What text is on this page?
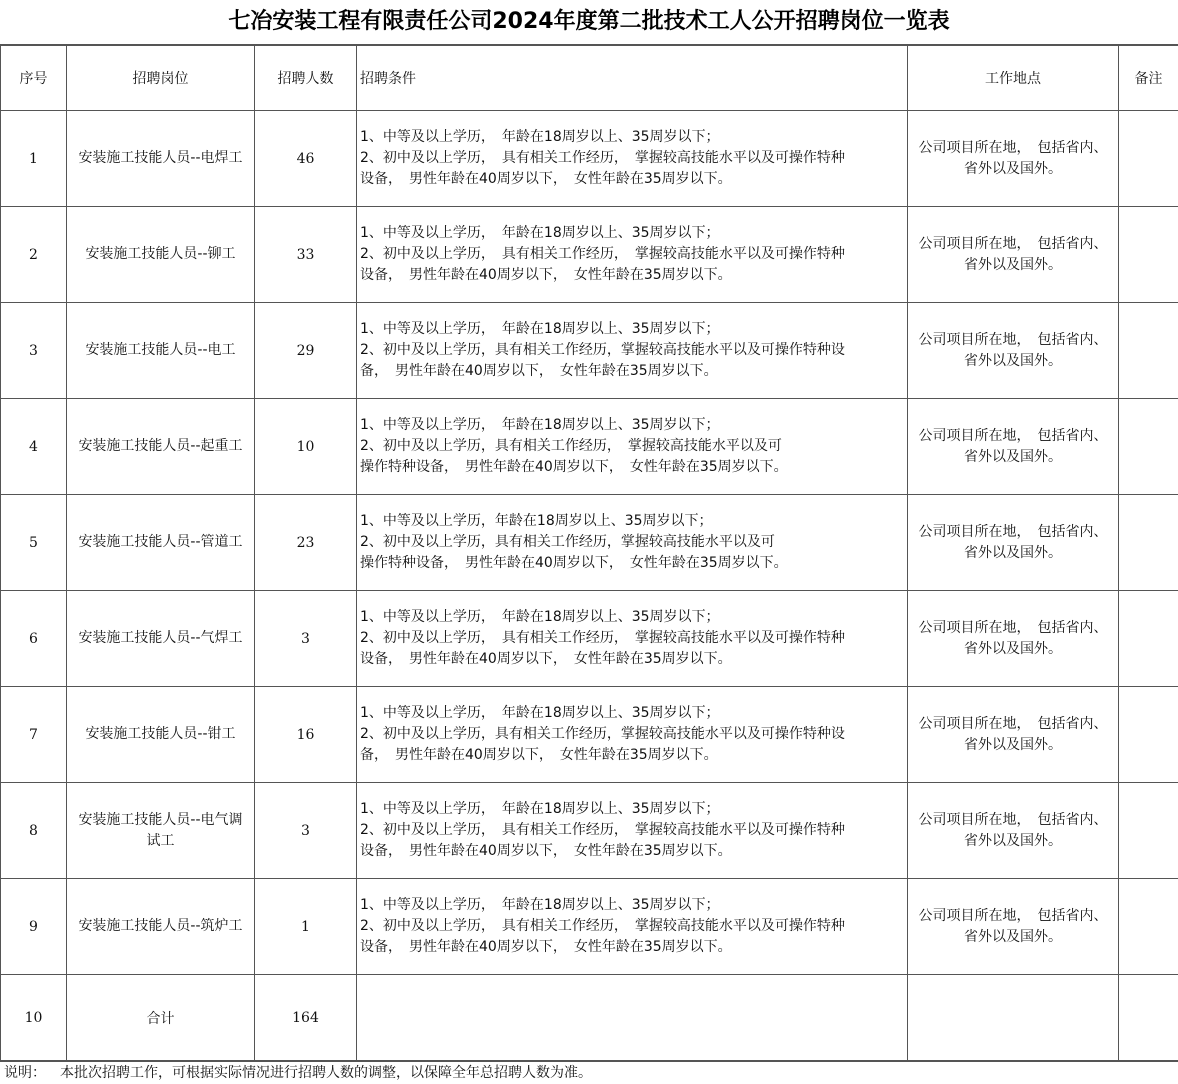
七冶安装工程有限责任公司2024年度第二批技术工人公开招聘岗位一览表
序号	招聘岗位	招聘人数	招聘条件	工作地点	备注
1	安装施工技能人员--电焊工	46	1、中等及以上学历，　年龄在18周岁以上、35周岁以下；
2、初中及以上学历，　具有相关工作经历，　掌握较高技能水平以及可操作特种
设备，　男性年龄在40周岁以下，　女性年龄在35周岁以下。	公司项目所在地，　包括省内、省外以及国外。	
2	安装施工技能人员--铆工	33	1、中等及以上学历，　年龄在18周岁以上、35周岁以下；
2、初中及以上学历，　具有相关工作经历，　掌握较高技能水平以及可操作特种
设备，　男性年龄在40周岁以下，　女性年龄在35周岁以下。	公司项目所在地，　包括省内、省外以及国外。	
3	安装施工技能人员--电工	29	1、中等及以上学历，　年龄在18周岁以上、35周岁以下；
2、初中及以上学历，具有相关工作经历，掌握较高技能水平以及可操作特种设
备，　男性年龄在40周岁以下，　女性年龄在35周岁以下。	公司项目所在地，　包括省内、省外以及国外。	
4	安装施工技能人员--起重工	10	1、中等及以上学历，　年龄在18周岁以上、35周岁以下；
2、初中及以上学历，具有相关工作经历，　掌握较高技能水平以及可
操作特种设备，　男性年龄在40周岁以下，　女性年龄在35周岁以下。	公司项目所在地，　包括省内、省外以及国外。	
5	安装施工技能人员--管道工	23	1、中等及以上学历，年龄在18周岁以上、35周岁以下；
2、初中及以上学历，具有相关工作经历，掌握较高技能水平以及可
操作特种设备，　男性年龄在40周岁以下，　女性年龄在35周岁以下。	公司项目所在地，　包括省内、省外以及国外。	
6	安装施工技能人员--气焊工	3	1、中等及以上学历，　年龄在18周岁以上、35周岁以下；
2、初中及以上学历，　具有相关工作经历，　掌握较高技能水平以及可操作特种
设备，　男性年龄在40周岁以下，　女性年龄在35周岁以下。	公司项目所在地，　包括省内、省外以及国外。	
7	安装施工技能人员--钳工	16	1、中等及以上学历，　年龄在18周岁以上、35周岁以下；
2、初中及以上学历，具有相关工作经历，掌握较高技能水平以及可操作特种设
备，　男性年龄在40周岁以下，　女性年龄在35周岁以下。	公司项目所在地，　包括省内、省外以及国外。	
8	安装施工技能人员--电气调试工	3	1、中等及以上学历，　年龄在18周岁以上、35周岁以下；
2、初中及以上学历，　具有相关工作经历，　掌握较高技能水平以及可操作特种
设备，　男性年龄在40周岁以下，　女性年龄在35周岁以下。	公司项目所在地，　包括省内、省外以及国外。	
9	安装施工技能人员--筑炉工	1	1、中等及以上学历，　年龄在18周岁以上、35周岁以下；
2、初中及以上学历，　具有相关工作经历，　掌握较高技能水平以及可操作特种
设备，　男性年龄在40周岁以下，　女性年龄在35周岁以下。	公司项目所在地，　包括省内、省外以及国外。	
10	合计	164			
说明： 本批次招聘工作，可根据实际情况进行招聘人数的调整，以保障全年总招聘人数为准。
